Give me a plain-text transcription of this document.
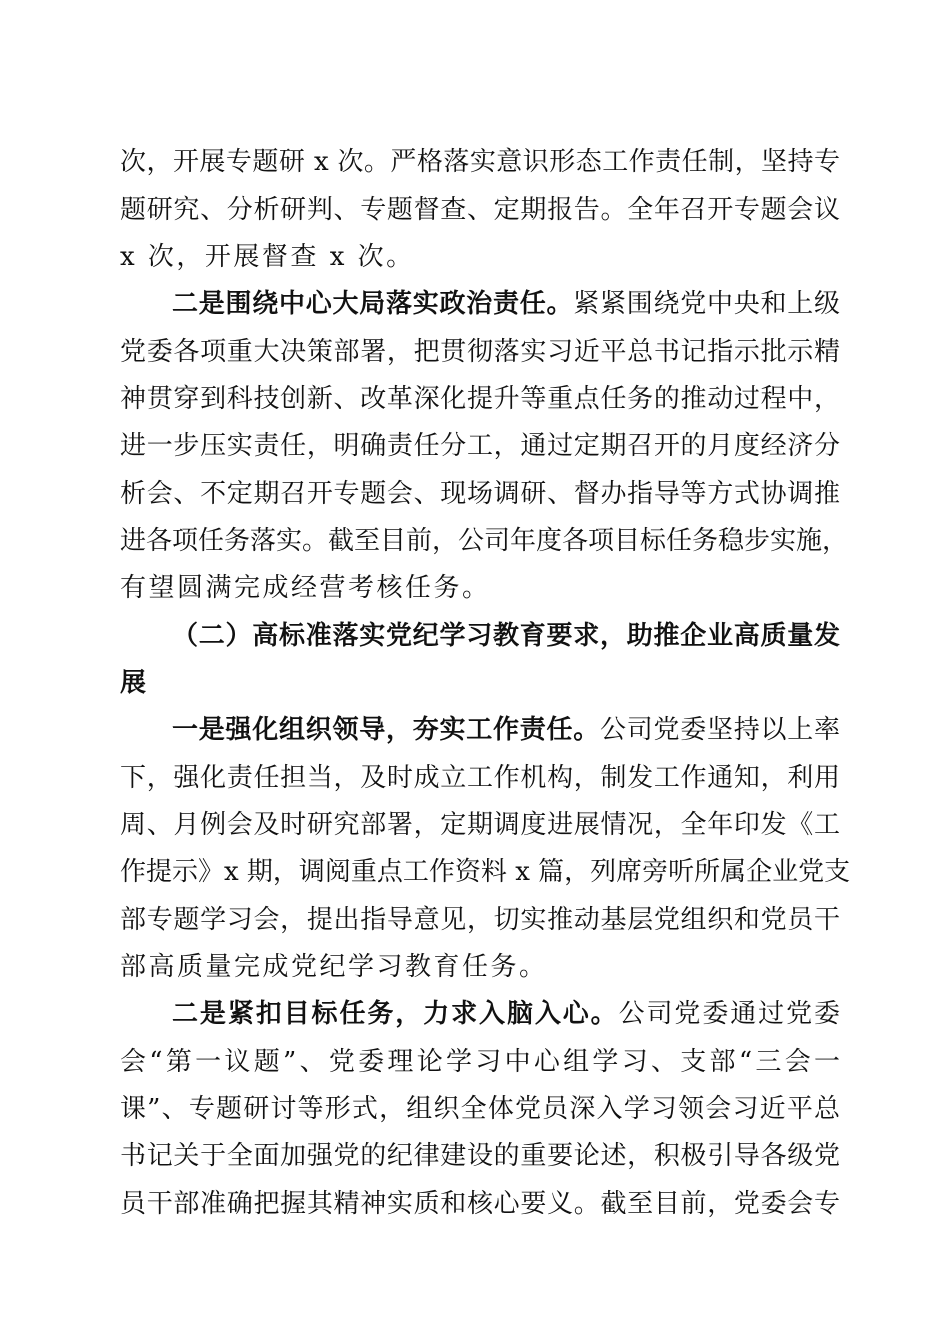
次，开展专题研 x 次。严格落实意识形态工作责任制，坚持专
题研究、分析研判、专题督查、定期报告。全年召开专题会议
x 次，开展督查 x 次。
二是围绕中心大局落实政治责任。紧紧围绕党中央和上级
党委各项重大决策部署，把贯彻落实习近平总书记指示批示精
神贯穿到科技创新、改革深化提升等重点任务的推动过程中，
进一步压实责任，明确责任分工，通过定期召开的月度经济分
析会、不定期召开专题会、现场调研、督办指导等方式协调推
进各项任务落实。截至目前，公司年度各项目标任务稳步实施，
有望圆满完成经营考核任务。
（二）高标准落实党纪学习教育要求，助推企业高质量发
展
一是强化组织领导，夯实工作责任。公司党委坚持以上率
下，强化责任担当，及时成立工作机构，制发工作通知，利用
周、月例会及时研究部署，定期调度进展情况，全年印发《工
作提示》x 期，调阅重点工作资料 x 篇，列席旁听所属企业党支
部专题学习会，提出指导意见，切实推动基层党组织和党员干
部高质量完成党纪学习教育任务。
二是紧扣目标任务，力求入脑入心。公司党委通过党委
会“第一议题”、党委理论学习中心组学习、支部“三会一
课”、专题研讨等形式，组织全体党员深入学习领会习近平总
书记关于全面加强党的纪律建设的重要论述，积极引导各级党
员干部准确把握其精神实质和核心要义。截至目前，党委会专
